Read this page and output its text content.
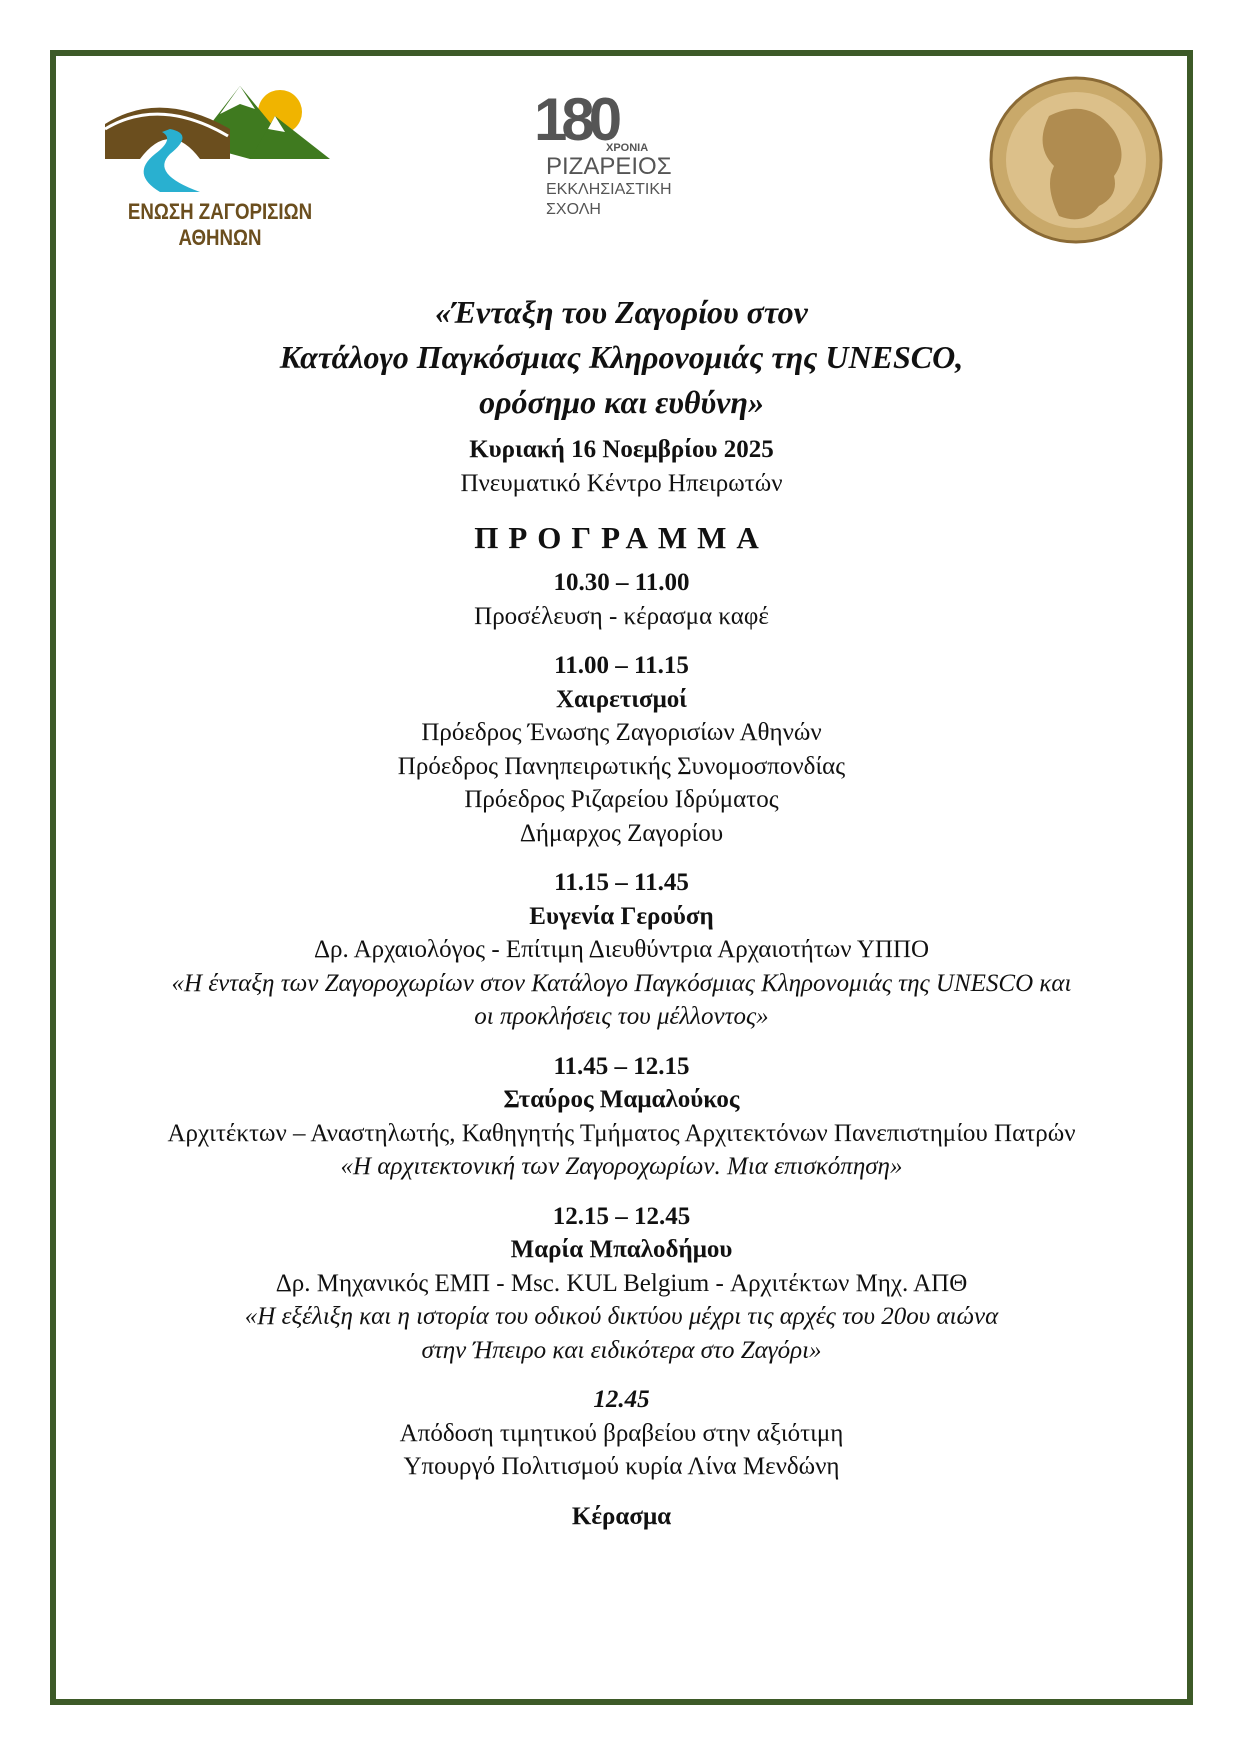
ΕΝΩΣΗ ΖΑΓΟΡΙΣΙΩΝ
ΑΘΗΝΩΝ
180
ΧΡΟΝΙΑ
ΡΙΖΑΡΕΙΟΣ
ΕΚΚΛΗΣΙΑΣΤΙΚΗ
ΣΧΟΛΗ
«Ένταξη του Ζαγορίου στον
Κατάλογο Παγκόσμιας Κληρονομιάς της UNESCO,
ορόσημο και ευθύνη»
Κυριακή 16 Νοεμβρίου 2025
Πνευματικό Κέντρο Ηπειρωτών
ΠΡΟΓΡΑΜΜΑ
10.30 – 11.00
Προσέλευση - κέρασμα καφέ
11.00 – 11.15
Χαιρετισμοί
Πρόεδρος Ένωσης Ζαγορισίων Αθηνών
Πρόεδρος Πανηπειρωτικής Συνομοσπονδίας
Πρόεδρος Ριζαρείου Ιδρύματος
Δήμαρχος Ζαγορίου
11.15 – 11.45
Ευγενία Γερούση
Δρ. Αρχαιολόγος - Επίτιμη Διευθύντρια Αρχαιοτήτων ΥΠΠΟ
«Η ένταξη των Ζαγοροχωρίων στον Κατάλογο Παγκόσμιας Κληρονομιάς της UNESCO και
οι προκλήσεις του μέλλοντος»
11.45 – 12.15
Σταύρος Μαμαλούκος
Αρχιτέκτων – Αναστηλωτής, Καθηγητής Τμήματος Αρχιτεκτόνων Πανεπιστημίου Πατρών
«Η αρχιτεκτονική των Ζαγοροχωρίων. Μια επισκόπηση»
12.15 – 12.45
Μαρία Μπαλοδήμου
Δρ. Μηχανικός ΕΜΠ - Msc. KUL Belgium - Αρχιτέκτων Μηχ. ΑΠΘ
«Η εξέλιξη και η ιστορία του οδικού δικτύου μέχρι τις αρχές του 20ου αιώνα
στην Ήπειρο και ειδικότερα στο Ζαγόρι»
12.45
Απόδοση τιμητικού βραβείου στην αξιότιμη
Υπουργό Πολιτισμού κυρία Λίνα Μενδώνη
Κέρασμα
